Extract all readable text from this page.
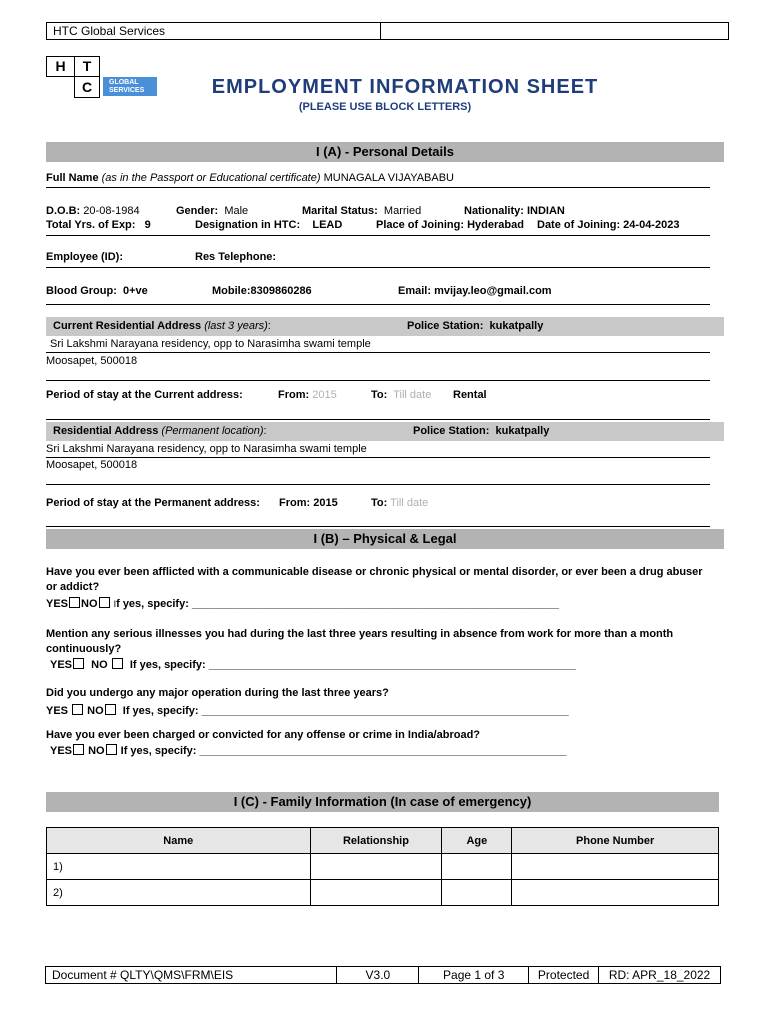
HTC Global Services
H	T
C	GLOBAL
SERVICES	EMPLOYMENT INFORMATION SHEET
(PLEASE USE BLOCK LETTERS)
I (A) - Personal Details
Full Name (as in the Passport or Educational certificate) MUNAGALA VIJAYABABU
D.O.B: 20-08-1984	Gender: Male	Marital Status: Married	Nationality: INDIAN
Total Yrs. of Exp: 9	Designation in HTC: LEAD	Place of Joining: Hyderabad Date of Joining: 24-04-2023
Employee (ID):	Res Telephone:
Blood Group: 0+ve	Mobile:8309860286	Email: mvijay.leo@gmail.com
Current Residential Address (last 3 years):	Police Station: kukatpally
Sri Lakshmi Narayana residency, opp to Narasimha swami temple
Moosapet, 500018
Period of stay at the Current address:	From: 2015	To: Till date Rental
Residential Address (Permanent location):	Police Station: kukatpally
Sri Lakshmi Narayana residency, opp to Narasimha swami temple
Moosapet, 500018
Period of stay at the Permanent address: From: 2015	To: Till date
I (B) – Physical & Legal
Have you ever been afflicted with a communicable disease or chronic physical or mental disorder, or ever been a drug abuser or addict?
YES NO If yes, specify: ____________________________________________________________
Mention any serious illnesses you had during the last three years resulting in absence from work for more than a month continuously?
YES NO If yes, specify: ____________________________________________________________
Did you undergo any major operation during the last three years?
YES NO If yes, specify: ____________________________________________________________
Have you ever been charged or convicted for any offense or crime in India/abroad?
YES NO If yes, specify: ____________________________________________________________
I (C) - Family Information (In case of emergency)
Name	Relationship	Age	Phone Number
1)			
2)			
Document # QLTY\QMS\FRM\EIS	V3.0	Page 1 of 3	Protected	RD: APR_18_2022
